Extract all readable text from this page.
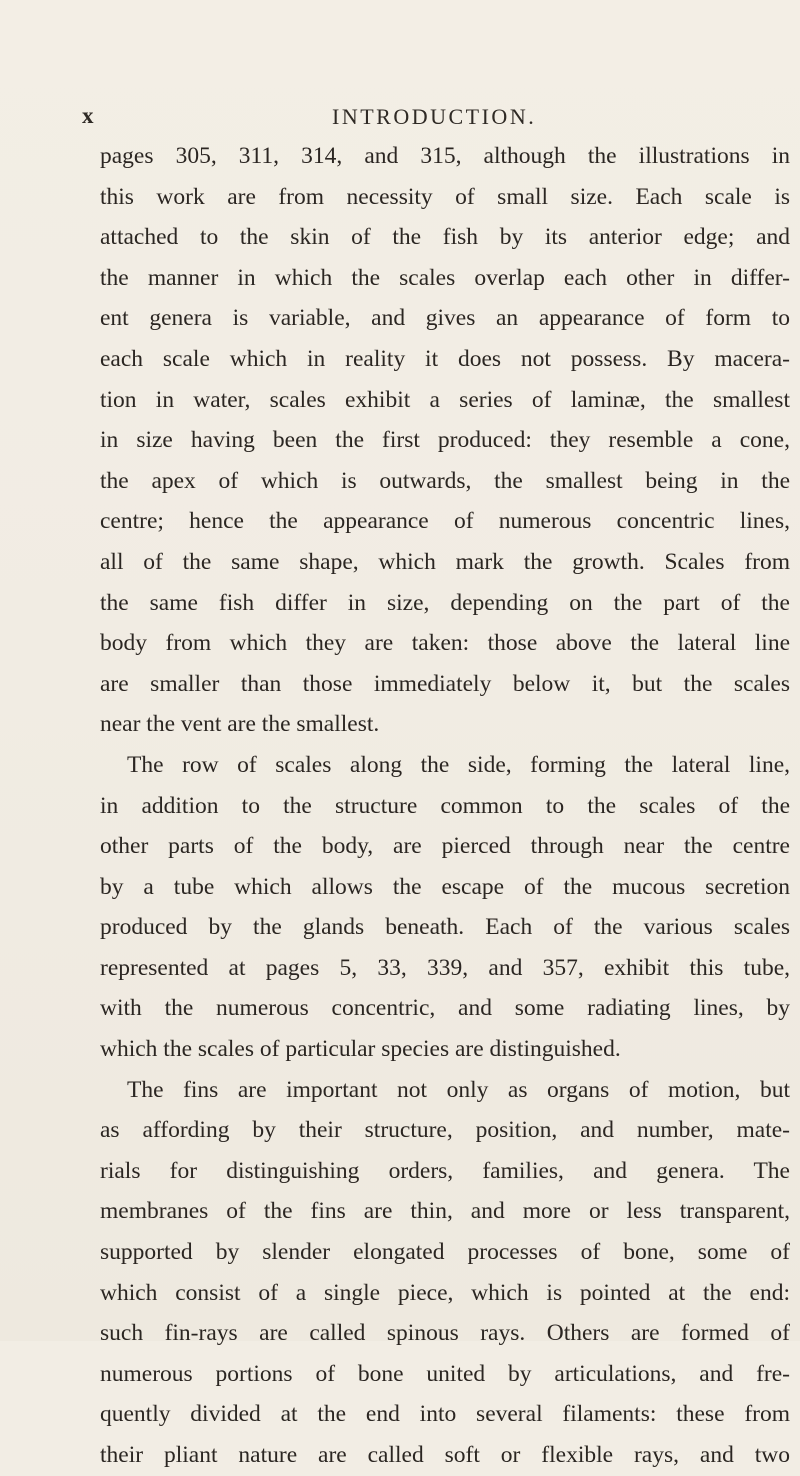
x	INTRODUCTION.
pages 305, 311, 314, and 315, although the illustrations in
this work are from necessity of small size. Each scale is
attached to the skin of the fish by its anterior edge; and
the manner in which the scales overlap each other in differ-
ent genera is variable, and gives an appearance of form to
each scale which in reality it does not possess. By macera-
tion in water, scales exhibit a series of laminæ, the smallest
in size having been the first produced: they resemble a cone,
the apex of which is outwards, the smallest being in the
centre; hence the appearance of numerous concentric lines,
all of the same shape, which mark the growth. Scales from
the same fish differ in size, depending on the part of the
body from which they are taken: those above the lateral line
are smaller than those immediately below it, but the scales
near the vent are the smallest.
The row of scales along the side, forming the lateral line,
in addition to the structure common to the scales of the
other parts of the body, are pierced through near the centre
by a tube which allows the escape of the mucous secretion
produced by the glands beneath. Each of the various scales
represented at pages 5, 33, 339, and 357, exhibit this tube,
with the numerous concentric, and some radiating lines, by
which the scales of particular species are distinguished.
The fins are important not only as organs of motion, but
as affording by their structure, position, and number, mate-
rials for distinguishing orders, families, and genera. The
membranes of the fins are thin, and more or less transparent,
supported by slender elongated processes of bone, some of
which consist of a single piece, which is pointed at the end:
such fin-rays are called spinous rays. Others are formed of
numerous portions of bone united by articulations, and fre-
quently divided at the end into several filaments: these from
their pliant nature are called soft or flexible rays, and two
